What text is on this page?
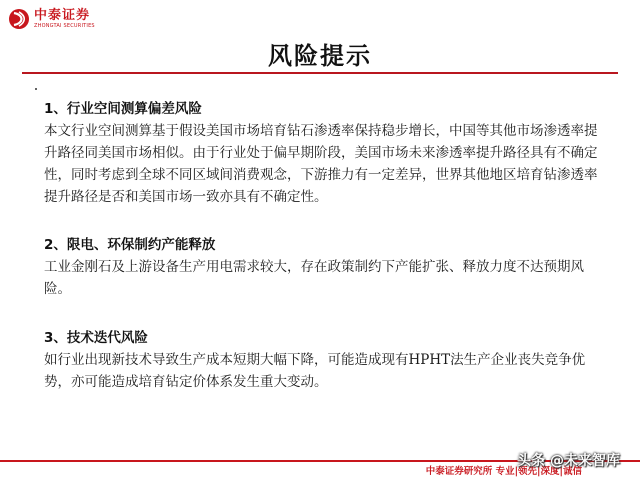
中泰证券
ZHONGTAI SECURITIES
风险提示
1、行业空间测算偏差风险
本文行业空间测算基于假设美国市场培育钻石渗透率保持稳步增长，中国等其他市场渗透率提升路径同美国市场相似。由于行业处于偏早期阶段，美国市场未来渗透率提升路径具有不确定性，同时考虑到全球不同区域间消费观念，下游推力有一定差异，世界其他地区培育钻渗透率提升路径是否和美国市场一致亦具有不确定性。
2、限电、环保制约产能释放
工业金刚石及上游设备生产用电需求较大，存在政策制约下产能扩张、释放力度不达预期风险。
3、技术迭代风险
如行业出现新技术导致生产成本短期大幅下降，可能造成现有HPHT法生产企业丧失竞争优势，亦可能造成培育钻定价体系发生重大变动。
中泰证券研究所 专业|领先|深度|诚信
头条 @未来智库
